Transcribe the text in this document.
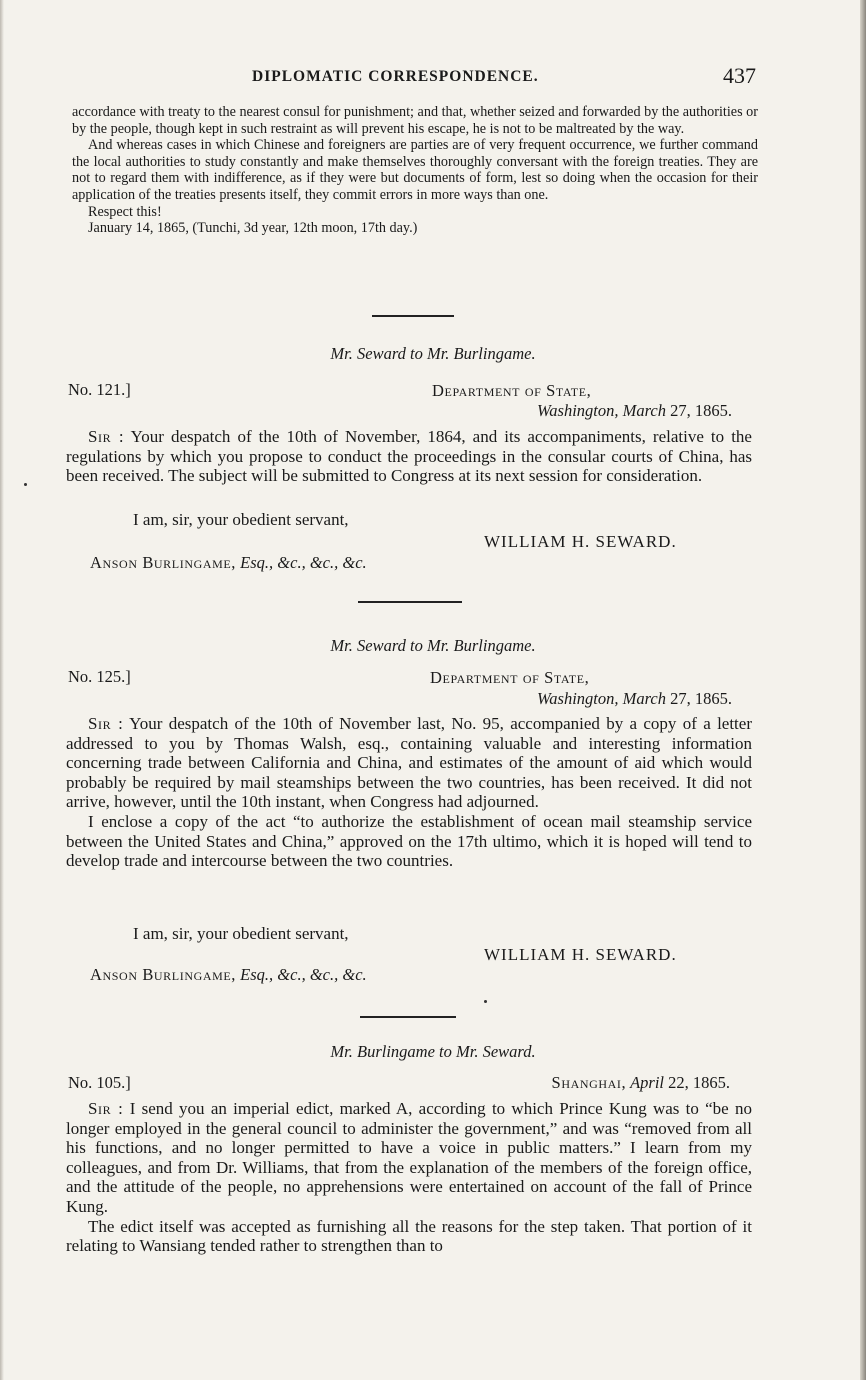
DIPLOMATIC CORRESPONDENCE.	437

accordance with treaty to the nearest consul for punishment; and that, whether seized and forwarded by the authorities or by the people, though kept in such restraint as will prevent his escape, he is not to be maltreated by the way.

And whereas cases in which Chinese and foreigners are parties are of very frequent occurrence, we further command the local authorities to study constantly and make themselves thoroughly conversant with the foreign treaties. They are not to regard them with indifference, as if they were but documents of form, lest so doing when the occasion for their application of the treaties presents itself, they commit errors in more ways than one.

Respect this!

January 14, 1865, (Tunchi, 3d year, 12th moon, 17th day.)

Mr. Seward to Mr. Burlingame.
No. 121.]	Department of State,
Washington, March 27, 1865.

Sir : Your despatch of the 10th of November, 1864, and its accompaniments, relative to the regulations by which you propose to conduct the proceedings in the consular courts of China, has been received. The subject will be submitted to Congress at its next session for consideration.

I am, sir, your obedient servant,
WILLIAM H. SEWARD.
Anson Burlingame, Esq., &c., &c., &c.
Mr. Seward to Mr. Burlingame.
No. 125.]	Department of State,
Washington, March 27, 1865.

Sir : Your despatch of the 10th of November last, No. 95, accompanied by a copy of a letter addressed to you by Thomas Walsh, esq., containing valuable and interesting information concerning trade between California and China, and estimates of the amount of aid which would probably be required by mail steamships between the two countries, has been received. It did not arrive, however, until the 10th instant, when Congress had adjourned.

I enclose a copy of the act “to authorize the establishment of ocean mail steamship service between the United States and China,” approved on the 17th ultimo, which it is hoped will tend to develop trade and intercourse between the two countries.

I am, sir, your obedient servant,
WILLIAM H. SEWARD.
Anson Burlingame, Esq., &c., &c., &c.
Mr. Burlingame to Mr. Seward.
No. 105.]	Shanghai, April 22, 1865.

Sir : I send you an imperial edict, marked A, according to which Prince Kung was to “be no longer employed in the general council to administer the government,” and was “removed from all his functions, and no longer permitted to have a voice in public matters.” I learn from my colleagues, and from Dr. Williams, that from the explanation of the members of the foreign office, and the attitude of the people, no apprehensions were entertained on account of the fall of Prince Kung.

The edict itself was accepted as furnishing all the reasons for the step taken. That portion of it relating to Wansiang tended rather to strengthen than to
